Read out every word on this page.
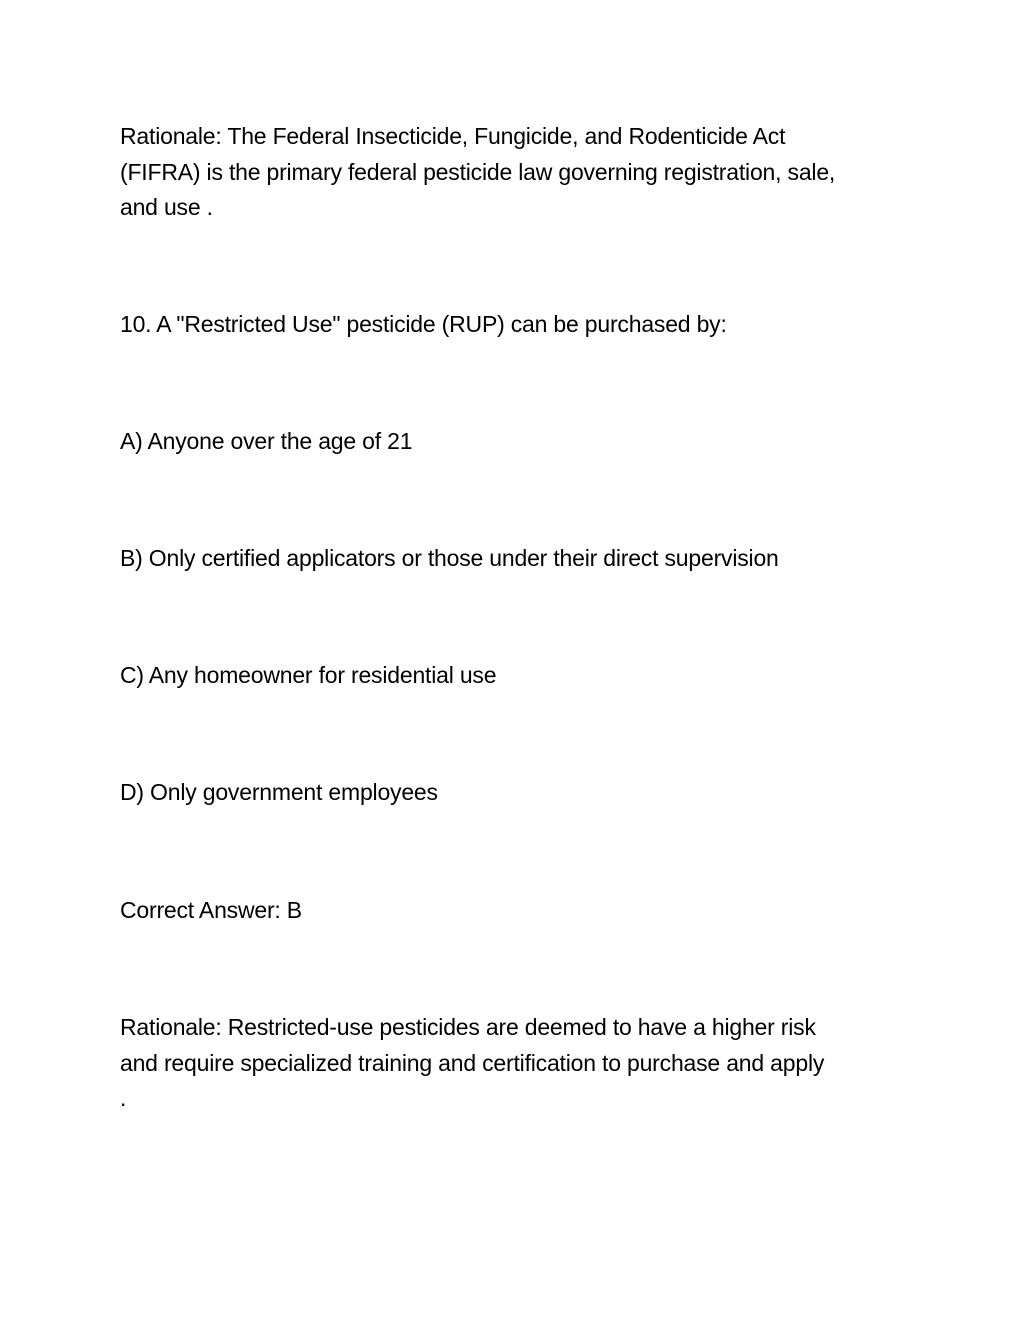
Rationale: The Federal Insecticide, Fungicide, and Rodenticide Act
(FIFRA) is the primary federal pesticide law governing registration, sale,
and use .

10. A "Restricted Use" pesticide (RUP) can be purchased by:

A) Anyone over the age of 21

B) Only certified applicators or those under their direct supervision

C) Any homeowner for residential use

D) Only government employees

Correct Answer: B

Rationale: Restricted-use pesticides are deemed to have a higher risk
and require specialized training and certification to purchase and apply
.
